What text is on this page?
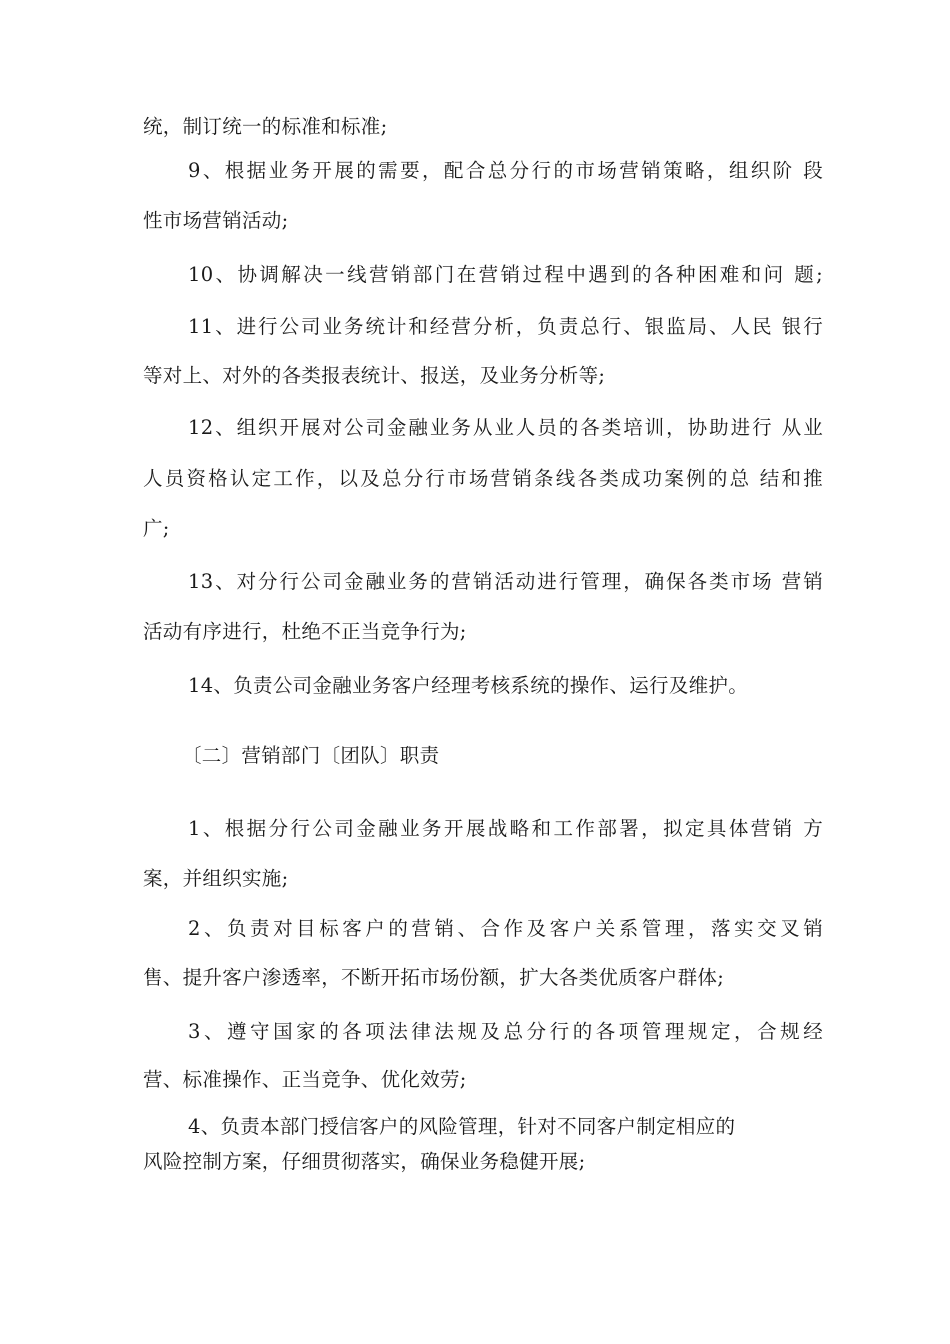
统，制订统一的标准和标准;
9、根据业务开展的需要，配合总分行的市场营销策略，组织阶 段
性市场营销活动;
10、协调解决一线营销部门在营销过程中遇到的各种困难和问 题;
11、进行公司业务统计和经营分析，负责总行、银监局、人民 银行
等对上、对外的各类报表统计、报送，及业务分析等;
12、组织开展对公司金融业务从业人员的各类培训，协助进行 从业
人员资格认定工作，以及总分行市场营销条线各类成功案例的总 结和推
广;
13、对分行公司金融业务的营销活动进行管理，确保各类市场 营销
活动有序进行，杜绝不正当竞争行为;
14、负责公司金融业务客户经理考核系统的操作、运行及维护。
〔二〕营销部门〔团队〕职责
1、根据分行公司金融业务开展战略和工作部署，拟定具体营销 方
案，并组织实施;
2、负责对目标客户的营销、合作及客户关系管理，落实交叉销
售、提升客户渗透率，不断开拓市场份额，扩大各类优质客户群体;
3、遵守国家的各项法律法规及总分行的各项管理规定，合规经
营、标准操作、正当竞争、优化效劳;
4、负责本部门授信客户的风险管理，针对不同客户制定相应的
风险控制方案，仔细贯彻落实，确保业务稳健开展;
